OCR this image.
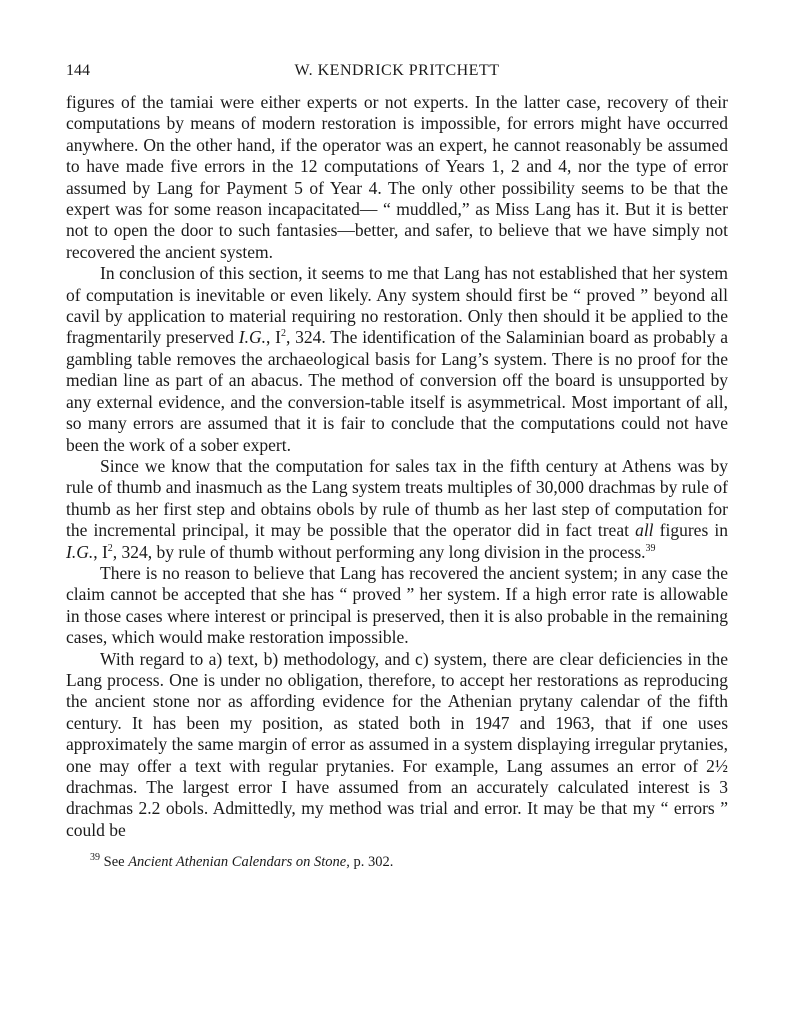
144	W. KENDRICK PRITCHETT

figures of the tamiai were either experts or not experts. In the latter case, recovery of their computations by means of modern restoration is impossible, for errors might have occurred anywhere. On the other hand, if the operator was an expert, he cannot reasonably be assumed to have made five errors in the 12 computations of Years 1, 2 and 4, nor the type of error assumed by Lang for Payment 5 of Year 4. The only other possibility seems to be that the expert was for some reason incapacitated— “ muddled,” as Miss Lang has it. But it is better not to open the door to such fantasies—better, and safer, to believe that we have simply not recovered the ancient system.

In conclusion of this section, it seems to me that Lang has not established that her system of computation is inevitable or even likely. Any system should first be “ proved ” beyond all cavil by application to material requiring no restoration. Only then should it be applied to the fragmentarily preserved I.G., $I^2$, 324. The identification of the Salaminian board as probably a gambling table removes the archaeological basis for Lang’s system. There is no proof for the median line as part of an abacus. The method of conversion off the board is unsupported by any external evidence, and the conversion-table itself is asymmetrical. Most important of all, so many errors are assumed that it is fair to conclude that the computations could not have been the work of a sober expert.

Since we know that the computation for sales tax in the fifth century at Athens was by rule of thumb and inasmuch as the Lang system treats multiples of 30,000 drachmas by rule of thumb as her first step and obtains obols by rule of thumb as her last step of computation for the incremental principal, it may be possible that the operator did in fact treat all figures in I.G., $I^2$, 324, by rule of thumb without performing any long division in the process.$^{39}$

There is no reason to believe that Lang has recovered the ancient system; in any case the claim cannot be accepted that she has “ proved ” her system. If a high error rate is allowable in those cases where interest or principal is preserved, then it is also probable in the remaining cases, which would make restoration impossible.

With regard to a) text, b) methodology, and c) system, there are clear deficiencies in the Lang process. One is under no obligation, therefore, to accept her restorations as reproducing the ancient stone nor as affording evidence for the Athenian prytany calendar of the fifth century. It has been my position, as stated both in 1947 and 1963, that if one uses approximately the same margin of error as assumed in a system displaying irregular prytanies, one may offer a text with regular prytanies. For example, Lang assumes an error of 2½ drachmas. The largest error I have assumed from an accurately calculated interest is 3 drachmas 2.2 obols. Admittedly, my method was trial and error. It may be that my “ errors ” could be

$^{39}$ See Ancient Athenian Calendars on Stone, p. 302.
